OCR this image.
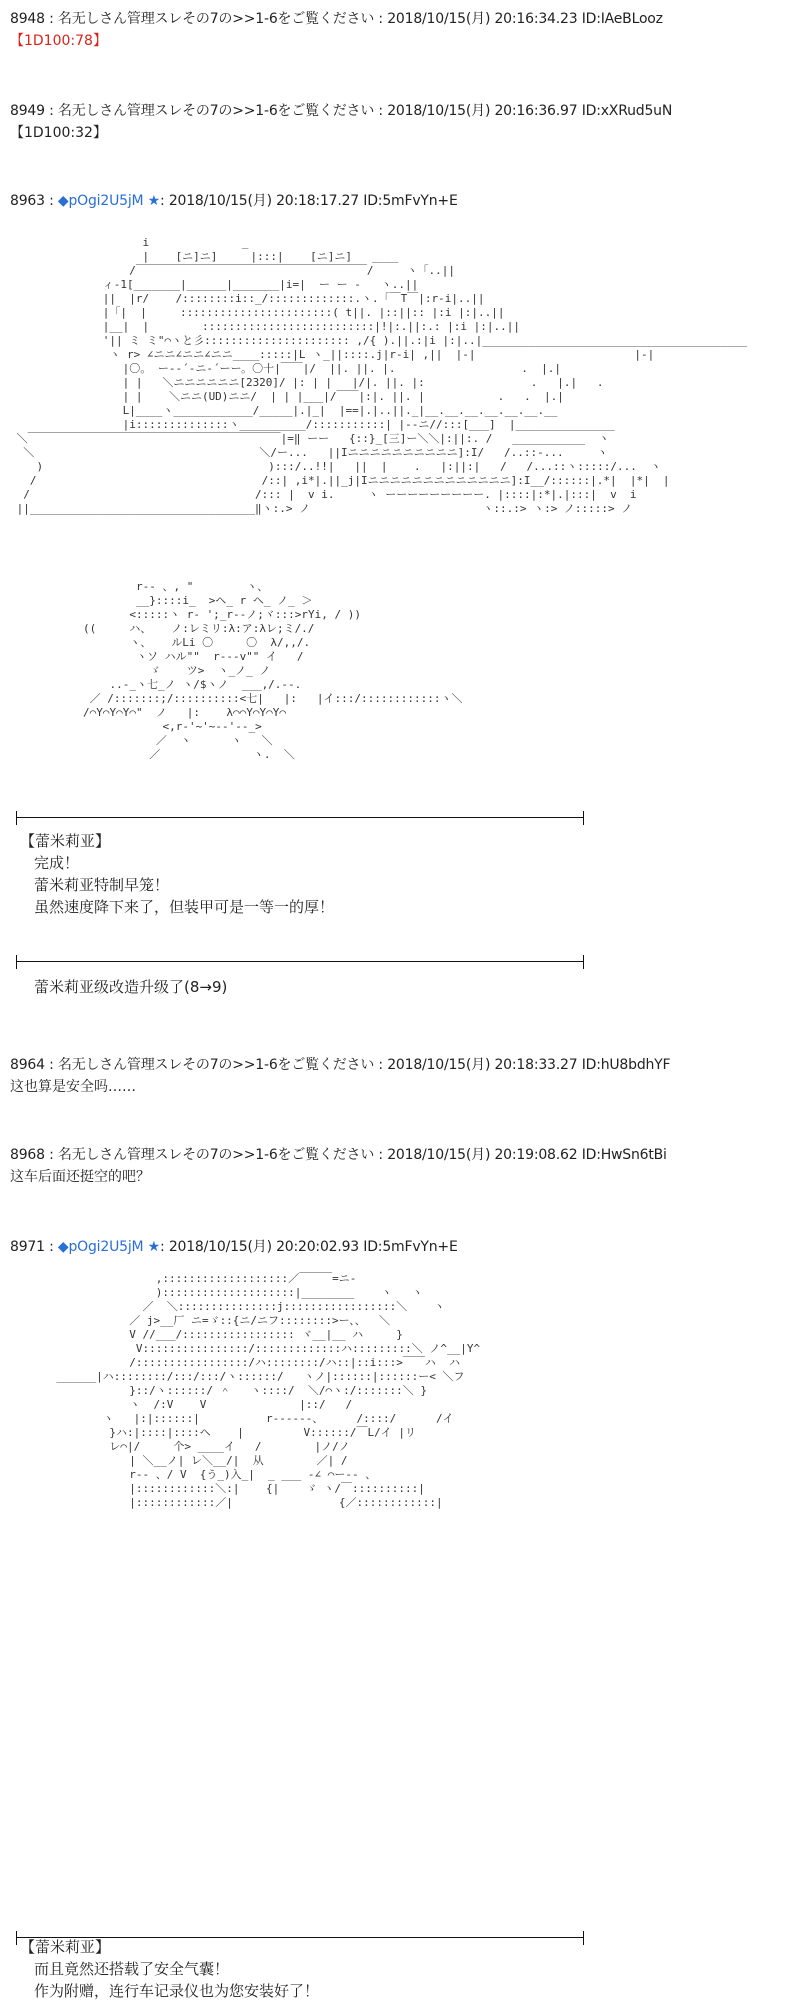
8948 : 名无しさん管理スレその7の>>1-6をご覧ください : 2018/10/15(月) 20:16:34.23 ID:IAeBLooz
【1D100:78】
8949 : 名无しさん管理スレその7の>>1-6をご覧ください : 2018/10/15(月) 20:16:36.97 ID:xXRud5uN
【1D100:32】
8963 : ◆pOgi2U5jM ★: 2018/10/15(月) 20:18:17.27 ID:5mFvYn+E
i              _
|    [ニ]ニ]     |:::|    [ニ]ニ]   ____
/￣￣￣￣￣￣￣￣￣￣￣￣￣￣￣￣￣￣￣￣￣/     ヽ「..||
ィ-1[_______|______|_______|i=|  ー ー -   ヽ..||
||  |r/    /::::::::i::_/:::::::::::::.ヽ.「￣T￣|:r-i|..||
|「|  |     :::::::::::::::::::::::( t||. |::||:: |:i |:|..||
|__|  |        ::::::::::::::::::::::::::|!|:.||:.: |:i |:|..||
'|| ミ ミ"⌒ヽと彡:::::::::::::::::::::: ,/{ ).||.:|i |:|..|________________________________________
ヽ r> ∠ニニ∠ニニ∠ニニ____:::::|L ヽ_||::::.j|r-i| ,||  |-|                        |-|
|〇。 ー-‐´-ニ-´ーー。〇十|￣￣|/  ||. ||. |.                   .  |.|
| |   ＼ニニニニニニ[2320]/ |: | |   |/|. ||. |:                .   |.|   .
| |    ＼ニニ(UD)ニニ/  | | |___|/￣￣|:|. ||. |           .   .  |.|
L|____ヽ____________/_____|.|_|  |==|.|..||._|__.__.__.__.__.__.__
|i::::::::::::::ヽ__________/:::::::::::| |--ニ//:::[___]  |_______________
＼￣￣￣￣￣￣￣￣￣￣￣￣￣￣￣￣￣￣￣￣￣￣￣|=‖ ーー   {::}_[三]ー＼＼|:||:. /   ___________  ヽ
＼                                  ＼/ー...   ||Iニニニニニニニニニニ]:I/   /..::-...     ヽ
)                                  ):::/..!!|   ||  |    .   |:||:|   /   /...::ヽ:::::/...  ヽ
/                                  /::| ,i*|.||_j|Iニニニニニニニニニニニニニ]:I__/::::::|.*|  |*|  |
/                                  /::: |  v i.     ヽ ーーーーーーーーー. |::::|:*|.|:::|  v  i
||__________________________________‖ヽ:.> ノ                          ヽ::.:> ヽ:> ノ:::::> ノ

r-- 、, "        ヽ、
__}::::i_  >ヘ_ r ヘ_ ノ_ ＞
<:::::ヽ r- ';_r--ノ;ヾ:::>rYi, / ))
((     ハ、   ノ:レミリ:λ:ア:λレ;ミ/./
ヽ、   ルLi 〇     〇  λ/,,/.
ヽソ ハル""  r---v"" イ   /
ゞ    ツ>  ヽ_ノ_ ノ
..-_ヽ七_ノ ヽ/$ヽノ  ___,/.--.
／ /:::::::;/::::::::::<七|   |:   |イ:::/::::::::::::ヽ＼
/⌒Y⌒Y⌒Y⌒"  ノ   |:    λ⌒⌒Y⌒Y⌒Y⌒
<,r-'~'~--'--_>
／  ヽ      ヽ   ＼
／              ヽ.  ＼

【蕾米莉亚】
完成！
蕾米莉亚特制早笼！
虽然速度降下来了，但装甲可是一等一的厚！
蕾米莉亚级改造升级了(8→9)
8964 : 名无しさん管理スレその7の>>1-6をご覧ください : 2018/10/15(月) 20:18:33.27 ID:hU8bdhYF
这也算是安全吗……
8968 : 名无しさん管理スレその7の>>1-6をご覧ください : 2018/10/15(月) 20:19:08.62 ID:HwSn6tBi
这车后面还挺空的吧？
8971 : ◆pOgi2U5jM ★: 2018/10/15(月) 20:20:02.93 ID:5mFvYn+E
,:::::::::::::::::::／￣￣￣=ニ-
)::::::::::::::::::::|________    ヽ   ヽ
／  ＼:::::::::::::::j:::::::::::::::::＼    ヽ
／ j>__厂 ニ=ゞ::{ニ/ニフ::::::::>ー、、  ＼
V //___/::::::::::::::::: ヾ__|__ ハ     }
V::::::::::::::::/:::::::::::::ハ:::::::::＼ ノ^__|Y^
/:::::::::::::::::/ハ::::::::/ハ::|::i:::>￣￣ハ  ハ
______|ハ::::::::/:::/:::/ヽ::::::/   ヽノ|::::::|::::::ー< ＼フ
}::/ヽ::::::/ ＾   ヽ::::/  ＼/⌒ヽ:/:::::::＼ }
ヽ  /:V    V              |::/   /
ヽ   |:|::::::|          r------、     /::::/      /イ
}ハ:|::::|::::ヘ    |         V::::::/￣L/イ |リ
レ⌒|/     个> ____イ   /        |ノ/ノ
| ＼__ノ| レ＼__/|  从        ／| /
r-- 、/ V  {う_)入_|  _ ___ -∠ ⌒ー-- 、
|::::::::::::＼:|    {|    ゞ ヽ/￣::::::::::|
|::::::::::::／|                {／::::::::::::|

【蕾米莉亚】
而且竟然还搭载了安全气囊！
作为附赠，连行车记录仪也为您安装好了！
